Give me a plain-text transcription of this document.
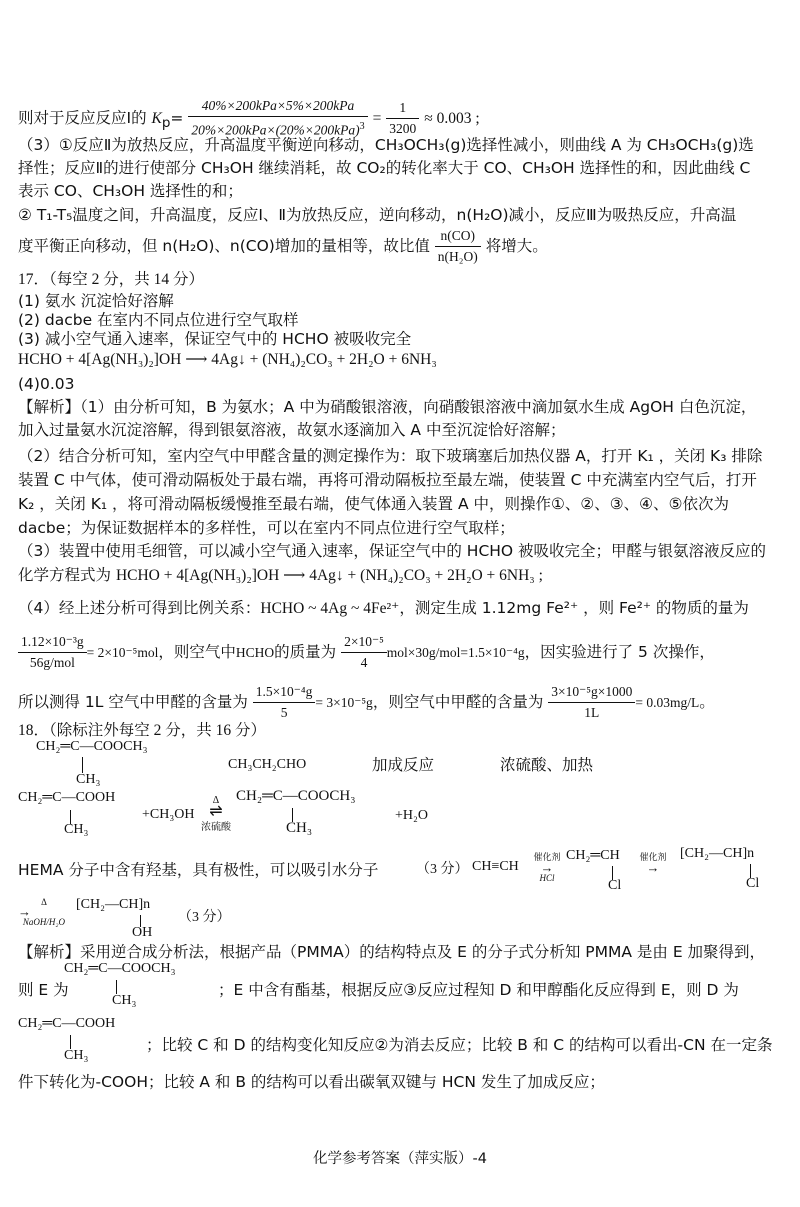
则对于反应反应Ⅰ的 $K_p= \frac{\text{40\%×200kPa×5\%×200kPa}}{20\%\times 200kPa\times(20\%\times 200kPa)^3} = \frac{1}{3200} \approx 0.003$ ;
（3）①反应Ⅱ为放热反应，升高温度平衡逆向移动，CH₃OCH₃(g)选择性减小，则曲线 A 为 CH₃OCH₃(g)选
择性；反应Ⅱ的进行使部分 CH₃OH 继续消耗，故 CO₂的转化率大于 CO、CH₃OH 选择性的和，因此曲线 C
表示 CO、CH₃OH 选择性的和；
② T₁-T₅温度之间，升高温度，反应Ⅰ、Ⅱ为放热反应，逆向移动，n(H₂O)减小，反应Ⅲ为吸热反应，升高温
度平衡正向移动，但 n(H₂O)、n(CO)增加的量相等，故比值 $\frac{n(CO)}{\text{n(H₂O)}}$ 将增大。
17．（每空 2 分，共 14 分）
(1) 氨水 沉淀恰好溶解
(2) dacbe 在室内不同点位进行空气取样
(3) 减小空气通入速率，保证空气中的 HCHO 被吸收完全
HCHO + 4[Ag(NH₃)₂]OH ⟶ 4Ag↓ + (NH₄)₂CO₃ + 2H₂O + 6NH₃
(4)0.03
【解析】（1）由分析可知，B 为氨水；A 中为硝酸银溶液，向硝酸银溶液中滴加氨水生成 AgOH 白色沉淀，
加入过量氨水沉淀溶解，得到银氨溶液，故氨水逐滴加入 A 中至沉淀恰好溶解；
（2）结合分析可知，室内空气中甲醛含量的测定操作为：取下玻璃塞后加热仪器 A，打开 K₁ ，关闭 K₃ 排除
装置 C 中气体，使可滑动隔板处于最右端，再将可滑动隔板拉至最左端，使装置 C 中充满室内空气后，打开
K₂ ，关闭 K₁ ，将可滑动隔板缓慢推至最右端，使气体通入装置 A 中，则操作①、②、③、④、⑤依次为
dacbe；为保证数据样本的多样性，可以在室内不同点位进行空气取样；
（3）装置中使用毛细管，可以减小空气通入速率，保证空气中的 HCHO 被吸收完全；甲醛与银氨溶液反应的
化学方程式为 HCHO + 4[Ag(NH₃)₂]OH ⟶ 4Ag↓ + (NH₄)₂CO₃ + 2H₂O + 6NH₃ ;
（4）经上述分析可得到比例关系：HCHO ~ 4Ag ~ 4Fe²⁺，测定生成 1.12mg Fe²⁺ ，则 Fe²⁺ 的物质的量为
$\frac{\text{1.12×10⁻³g}}{\text{56g/mol}} = 2\times 10^{-5}mol$，则空气中HCHO的质量为 $\frac{\text{2×10⁻⁵}}{4} mol\times 30g/mol=1.5\times 10^{-4}g$，因实验进行了 5 次操作，
所以测得 1L 空气中甲醛的含量为 $\frac{\text{1.5×10⁻⁴g}}{5} = 3\times 10^{-5}g$，则空气中甲醛的含量为 $\frac{\text{3×10⁻⁵g×1000}}{1L} = 0.03mg/L$。
18．（除标注外每空 2 分，共 16 分）
CH₂═C—COOCH₃
CH₃
CH₃CH₂CHO	加成反应	浓硫酸、加热
CH₂═C—COOH
CH₃
+CH₃OH
Δ
⇌
浓硫酸
CH₂═C—COOCH₃
CH₃
+H₂O
HEMA 分子中含有羟基，具有极性，可以吸引水分子	（3 分） CH≡CH
催化剂
→
HCl
CH₂═CH
Cl
催化剂
→
[CH₂—CH]n
Cl
Δ
→
NaOH/H₂O
[CH₂—CH]n
OH
（3 分）
【解析】采用逆合成分析法，根据产品（PMMA）的结构特点及 E 的分子式分析知 PMMA 是由 E 加聚得到，
CH₂═C—COOCH₃
CH₃
则 E 为	；E 中含有酯基，根据反应③反应过程知 D 和甲醇酯化反应得到 E，则 D 为
CH₂═C—COOH
CH₃
；比较 C 和 D 的结构变化知反应②为消去反应；比较 B 和 C 的结构可以看出-CN 在一定条
件下转化为-COOH；比较 A 和 B 的结构可以看出碳氧双键与 HCN 发生了加成反应；
化学参考答案（萍实版）-4
